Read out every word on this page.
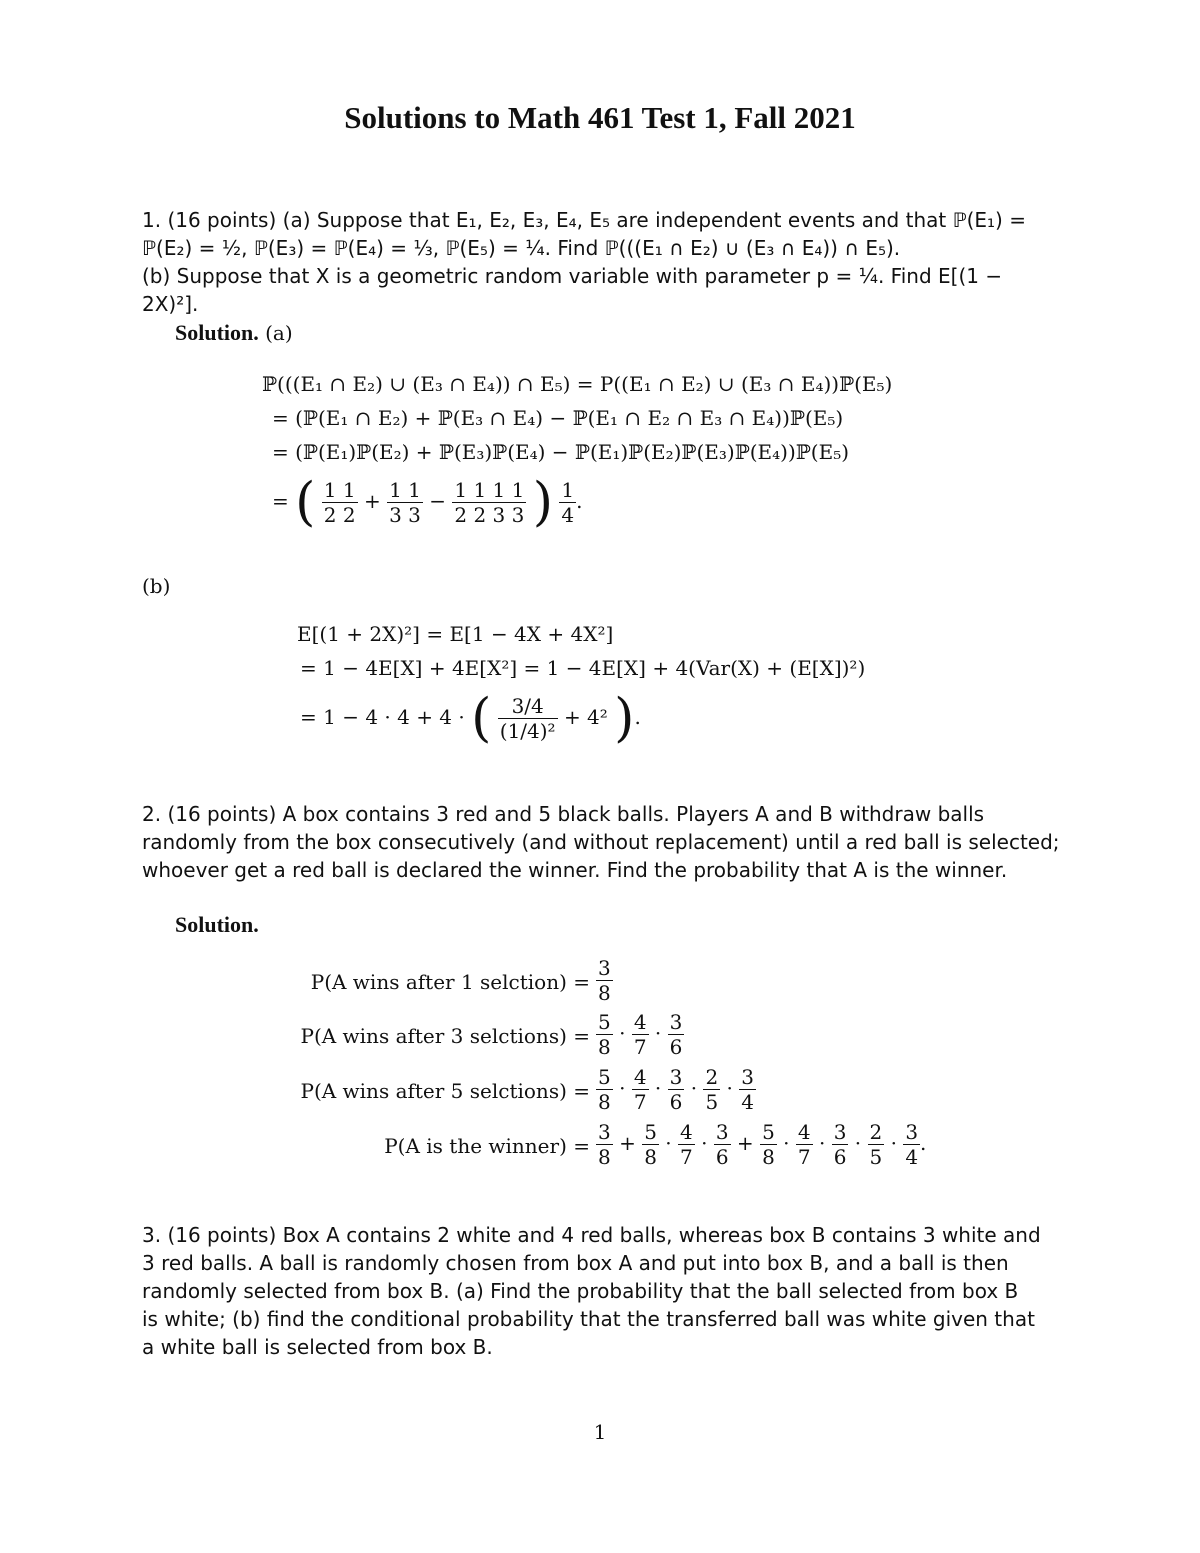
Solutions to Math 461 Test 1, Fall 2021

1. (16 points) (a) Suppose that E₁, E₂, E₃, E₄, E₅ are independent events and that ℙ(E₁) =

ℙ(E₂) = ½, ℙ(E₃) = ℙ(E₄) = ⅓, ℙ(E₅) = ¼. Find ℙ(((E₁ ∩ E₂) ∪ (E₃ ∩ E₄)) ∩ E₅).

(b) Suppose that X is a geometric random variable with parameter p = ¼. Find E[(1 − 2X)²].

Solution. (a)
ℙ(((E₁ ∩ E₂) ∪ (E₃ ∩ E₄)) ∩ E₅) = P((E₁ ∩ E₂) ∪ (E₃ ∩ E₄))ℙ(E₅)
= (ℙ(E₁ ∩ E₂) + ℙ(E₃ ∩ E₄) − ℙ(E₁ ∩ E₂ ∩ E₃ ∩ E₄))ℙ(E₅)
= (ℙ(E₁)ℙ(E₂) + ℙ(E₃)ℙ(E₄) − ℙ(E₁)ℙ(E₂)ℙ(E₃)ℙ(E₄))ℙ(E₅)
= ( $\frac{1 1}{2 2} + \frac{1 1}{3 3} - \frac{1 1 1 1}{2 2 3 3}$ ) $\frac{1}{4}$ .
(b)
E[(1 + 2X)²] = E[1 − 4X + 4X²]
= 1 − 4E[X] + 4E[X²] = 1 − 4E[X] + 4(Var(X) + (E[X])²)
= 1 − 4 · 4 + 4 · ( $\frac{3/4}{\text{(1/4)²}} + 4^2$ ).

2. (16 points) A box contains 3 red and 5 black balls. Players A and B withdraw balls

randomly from the box consecutively (and without replacement) until a red ball is selected;

whoever get a red ball is declared the winner. Find the probability that A is the winner.

Solution.
P(A wins after 1 selction) = $\frac{3}{8}$
P(A wins after 3 selctions) = $\frac{5}{8} \cdot \frac{4}{7} \cdot \frac{3}{6}$
P(A wins after 5 selctions) = $\frac{5}{8} \cdot \frac{4}{7} \cdot \frac{3}{6} \cdot \frac{2}{5} \cdot \frac{3}{4}$
P(A is the winner) = $\frac{3}{8} + \frac{5}{8} \cdot \frac{4}{7} \cdot \frac{3}{6} + \frac{5}{8} \cdot \frac{4}{7} \cdot \frac{3}{6} \cdot \frac{2}{5} \cdot \frac{3}{4}$ .

3. (16 points) Box A contains 2 white and 4 red balls, whereas box B contains 3 white and

3 red balls. A ball is randomly chosen from box A and put into box B, and a ball is then

randomly selected from box B. (a) Find the probability that the ball selected from box B

is white; (b) find the conditional probability that the transferred ball was white given that

a white ball is selected from box B.

1
